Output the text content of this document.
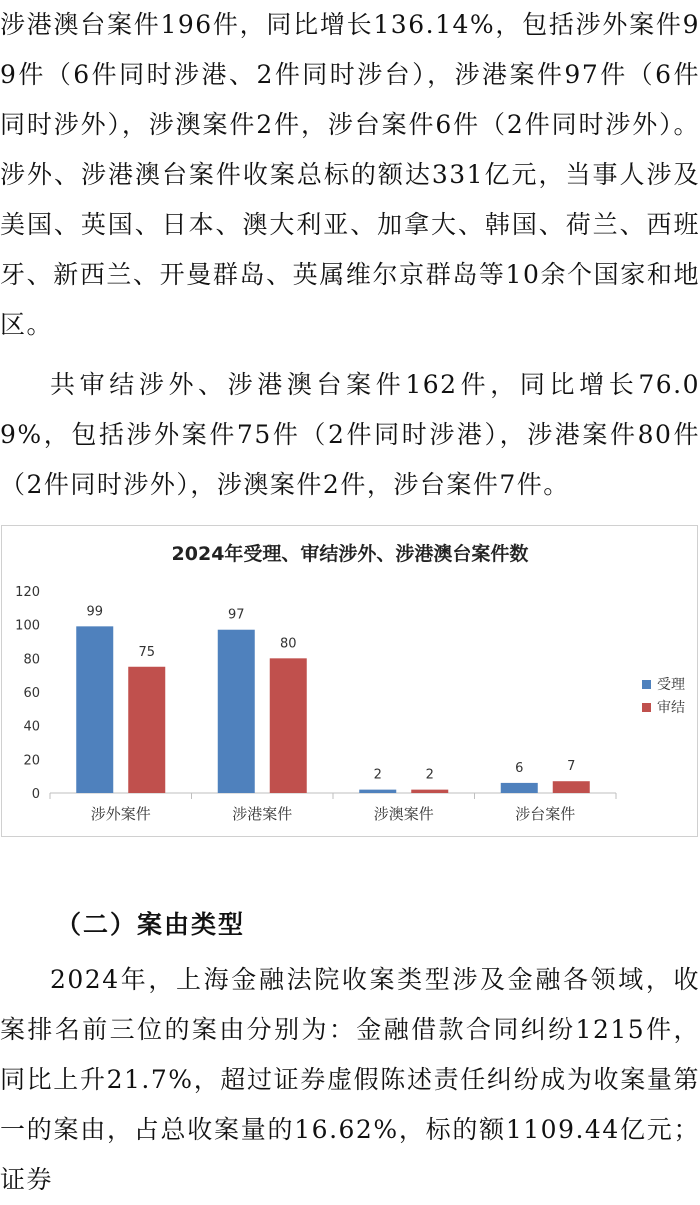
涉港澳台案件196件，同比增长136.14%，包括涉外案件99件（6件同时涉港、2件同时涉台），涉港案件97件（6件同时涉外），涉澳案件2件，涉台案件6件（2件同时涉外）。涉外、涉港澳台案件收案总标的额达331亿元，当事人涉及美国、英国、日本、澳大利亚、加拿大、韩国、荷兰、西班牙、新西兰、开曼群岛、英属维尔京群岛等10余个国家和地区。

共审结涉外、涉港澳台案件162件，同比增长76.09%，包括涉外案件75件（2件同时涉港），涉港案件80件（2件同时涉外），涉澳案件2件，涉台案件7件。

2024年受理、审结涉外、涉港澳台案件数
0
20
40
60
80
100
120
涉外案件	涉港案件	涉澳案件	涉台案件
99
75
97
80
2	2	6	7
受理
审结
（二）案由类型

2024年，上海金融法院收案类型涉及金融各领域，收案排名前三位的案由分别为：金融借款合同纠纷1215件，同比上升21.7%，超过证券虚假陈述责任纠纷成为收案量第一的案由，占总收案量的16.62%，标的额1109.44亿元；证券
